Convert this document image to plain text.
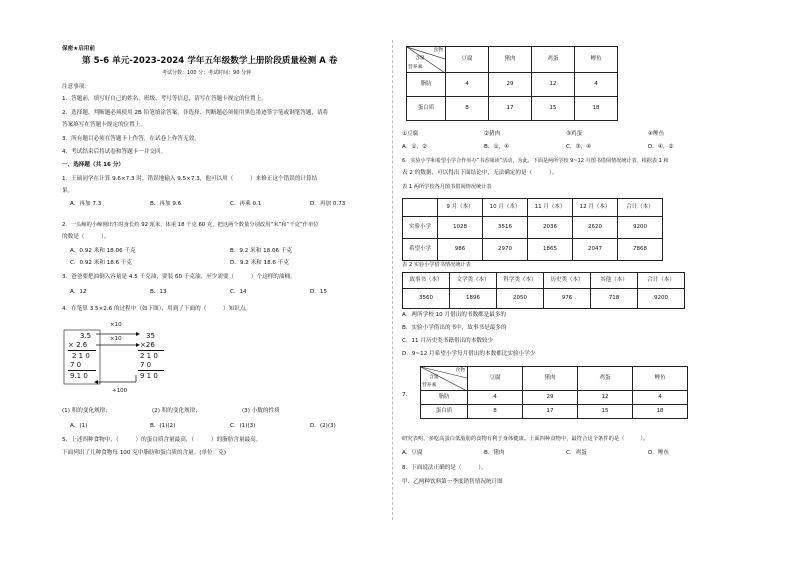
保密★启用前
第 5-6 单元-2023-2024 学年五年级数学上册阶段质量检测 A 卷
考试分数：100 分；考试时间：90 分钟
注意事项：
1．答题前，填写好自己的姓名、班级、考号等信息，请写在答题卡规定的位置上。
2．选择题、判断题必须使用 2B 铅笔填涂答案，非选择、判断题必须使用黑色墨迹签字笔或钢笔答题，请将
答案填写在答题卡规定的位置上。
3．所有题目必须在答题卡上作答，在试卷上作答无效。
4．考试结束后将试卷和答题卡一并交回。
一、选择题（共 16 分）
1．王硕同学在计算 9.6×7.3 时，错误地输入 9.5×7.3，他可以用（　　　）来修正这个错误的计算结
果。
A．再加 7.3	B．再加 9.6	C．再乘 0.1	D．再加 0.73
2．一头鲸的小鲸刚出生时身长约 92 厘米，体重 18 千克 60 克，把这两个数量分别改用“米”和“千克”作单位
的数是（　　　）。
A．0.92 米和 18.06 千克	B．9.2 米和 18.06 千克
C．0.92 米和 18.6 千克	D．9.2 米和 18.6 千克
3．爸爸要把油倒入容量是 4.5 千克油，要装 60 千克油，至少需要（　　　）个这样的油桶。
A．12	B．13	C．14	D．15
4．在笔算 3.5×2.6 的过程中（如下图），用到了下面的（　　　）知识点。
3.5
× 2.6
2 1 0
7 0
9.1 0
35
×26
2 1 0
7 0
9 1 0
×10
×10
÷100
(1) 积的变化规律；	(2) 积的变化规律；	(3) 小数的性质
A．(1)	B．(1)(2)	C．(1)(3)	D．(2)(3)
5．上述四种食物中，（　　　）的蛋白质含量最高，（　　　）的脂肪含量最高。
下面列出了几种食物每 100 克中脂肪和蛋白质的含量。(单位：克)
食物
含量
营养素	豆腐	猪肉	鸡蛋	鲤鱼
脂肪	4	29	12	4
蛋白质	8	17	15	18
①豆腐	②猪肉	③鸡蛋	④鲤鱼
A．①，②	B．①，④	C．③，④	D．④，②
6．实验小学和希望小学合作举办“书香阅读”活动，为此，下面是两所学校 9~12 月图书借阅情况统计表。根据表 1 和
表 2 的数据，可以得出下面结论中，无法确定的是（　　　）。
表 1 两所学校各月图书借阅情况统计表
	9 月（本）	10 月（本）	11 月（本）	12 月（本）	合计（本）
实验小学	1028	3516	2036	2620	9200
希望小学	986	2970	1865	2047	7868
表 2 实验小学借书情况统计表
故事书（本）	文学类（本）	科学类（本）	历史类（本）	其他（本）	合计（本）
3560	1896	2050	976	718	9200
A．两所学校 10 月借出的书数都是最多的
B．实验小学借出的书中，故事书是最多的
C．11 月历史类书籍借出的本数较少
D．9~12 月希望小学每月借出的本数都比实验小学少
7．
食物
含量
营养素	豆腐	猪肉	鸡蛋	鲤鱼
脂肪	4	29	12	4
蛋白质	8	17	15	18
研究表明，多吃高蛋白低脂肪的食物有利于身体健康。上面四种食物中，最符合这个条件的是（　　　）。
A．豆腐	B．猪肉	C．鸡蛋	D．鲤鱼
8．下面说法正确的是（　　　）。
甲、乙两种饮料第一季度销售情况统计图
